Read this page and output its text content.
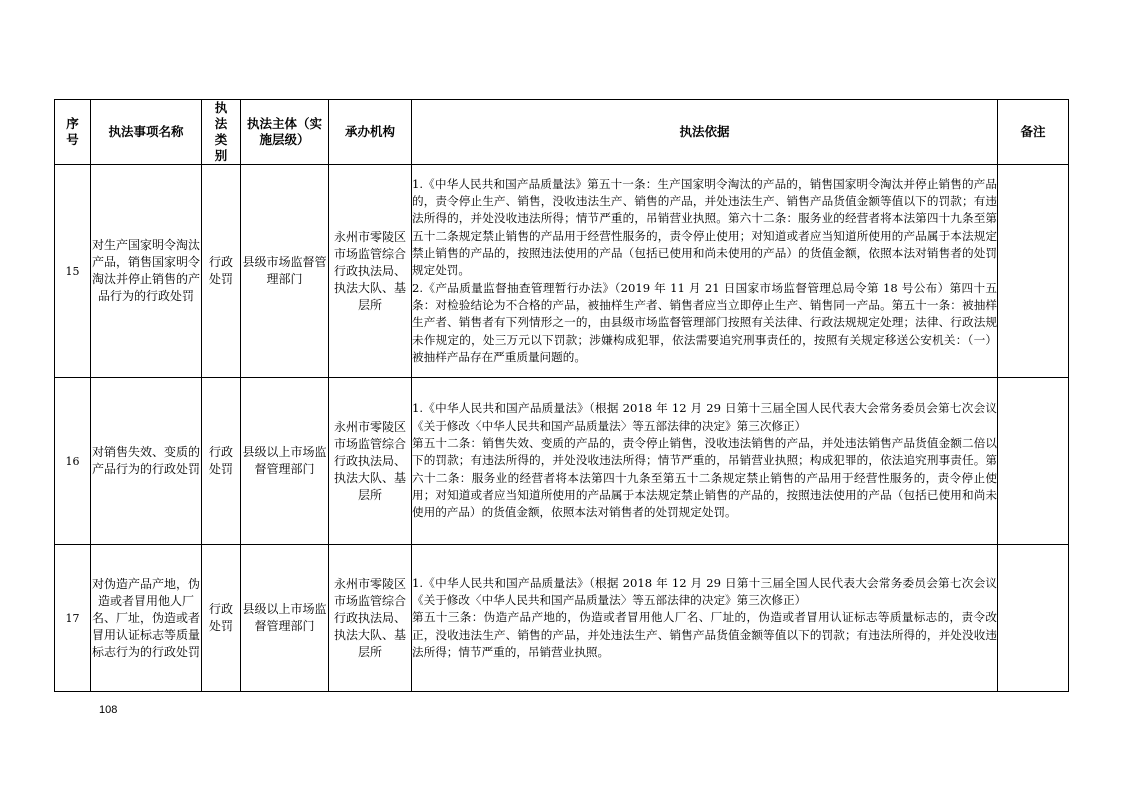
序号	执法事项名称	执法类别	执法主体（实施层级）	承办机构	执法依据	备注
15	对生产国家明令淘汰产品，销售国家明令淘汰并停止销售的产品行为的行政处罚	行政处罚	县级市场监督管理部门	永州市零陵区市场监管综合行政执法局、执法大队、基层所	1.《中华人民共和国产品质量法》第五十一条：生产国家明令淘汰的产品的，销售国家明令淘汰并停止销售的产品的，责令停止生产、销售，没收违法生产、销售的产品，并处违法生产、销售产品货值金额等值以下的罚款；有违法所得的，并处没收违法所得；情节严重的，吊销营业执照。第六十二条：服务业的经营者将本法第四十九条至第五十二条规定禁止销售的产品用于经营性服务的，责令停止使用；对知道或者应当知道所使用的产品属于本法规定禁止销售的产品的，按照违法使用的产品（包括已使用和尚未使用的产品）的货值金额，依照本法对销售者的处罚规定处罚。

2.《产品质量监督抽查管理暂行办法》（2019 年 11 月 21 日国家市场监督管理总局令第 18 号公布）第四十五条：对检验结论为不合格的产品，被抽样生产者、销售者应当立即停止生产、销售同一产品。第五十一条：被抽样生产者、销售者有下列情形之一的，由县级市场监督管理部门按照有关法律、行政法规规定处理；法律、行政法规未作规定的，处三万元以下罚款；涉嫌构成犯罪，依法需要追究刑事责任的，按照有关规定移送公安机关：（一）被抽样产品存在严重质量问题的。	

16	对销售失效、变质的产品行为的行政处罚	行政处罚	县级以上市场监督管理部门	永州市零陵区市场监管综合行政执法局、执法大队、基层所	1.《中华人民共和国产品质量法》（根据 2018 年 12 月 29 日第十三届全国人民代表大会常务委员会第七次会议《关于修改〈中华人民共和国产品质量法〉等五部法律的决定》第三次修正）

第五十二条：销售失效、变质的产品的，责令停止销售，没收违法销售的产品，并处违法销售产品货值金额二倍以下的罚款；有违法所得的，并处没收违法所得；情节严重的，吊销营业执照；构成犯罪的，依法追究刑事责任。第六十二条：服务业的经营者将本法第四十九条至第五十二条规定禁止销售的产品用于经营性服务的，责令停止使用；对知道或者应当知道所使用的产品属于本法规定禁止销售的产品的，按照违法使用的产品（包括已使用和尚未使用的产品）的货值金额，依照本法对销售者的处罚规定处罚。	

17	对伪造产品产地，伪造或者冒用他人厂名、厂址，伪造或者冒用认证标志等质量标志行为的行政处罚	行政处罚	县级以上市场监督管理部门	永州市零陵区市场监管综合行政执法局、执法大队、基层所	1.《中华人民共和国产品质量法》（根据 2018 年 12 月 29 日第十三届全国人民代表大会常务委员会第七次会议《关于修改〈中华人民共和国产品质量法〉等五部法律的决定》第三次修正）

第五十三条：伪造产品产地的，伪造或者冒用他人厂名、厂址的，伪造或者冒用认证标志等质量标志的，责令改正，没收违法生产、销售的产品，并处违法生产、销售产品货值金额等值以下的罚款；有违法所得的，并处没收违法所得；情节严重的，吊销营业执照。	

108
